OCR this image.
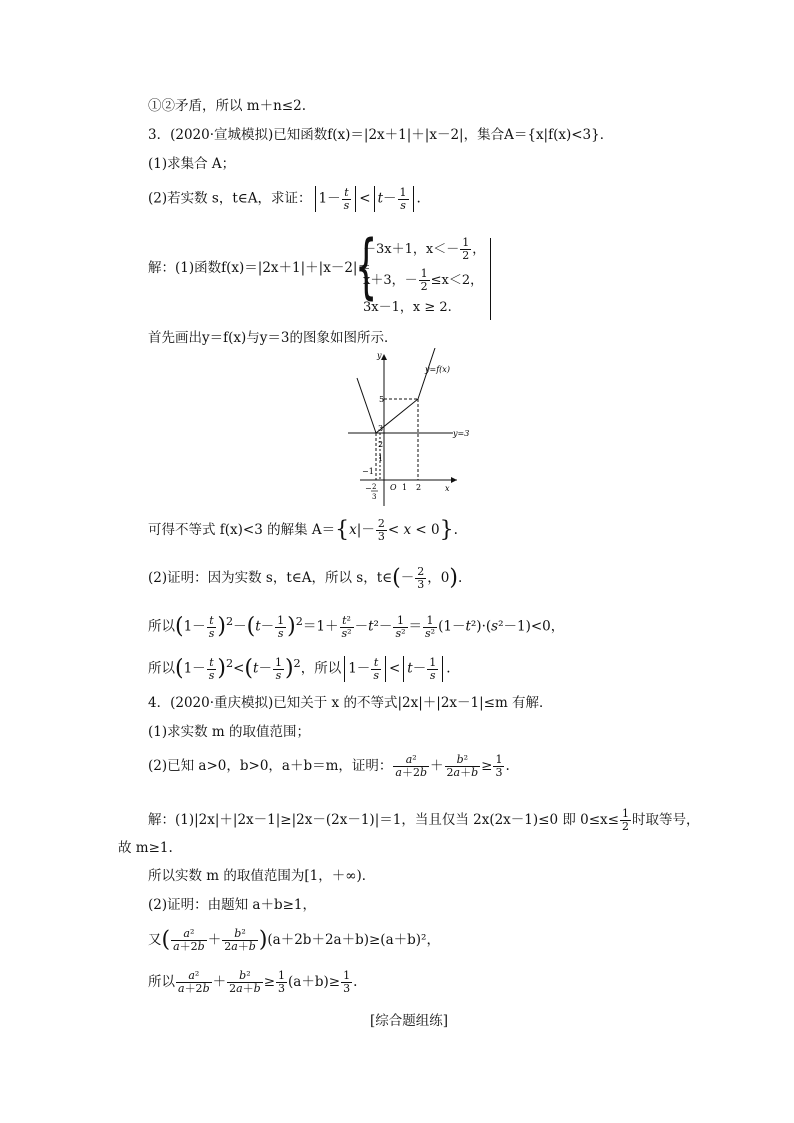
①②矛盾，所以 m＋n≤2.
3．(2020·宣城模拟)已知函数f(x)＝|2x＋1|＋|x－2|，集合A＝{x|f(x)<3}．
(1)求集合 A；
(2)若实数 s，t∈A，求证： $1- \frac{t}{s} < t- \frac{1}{s}$ .
解：(1)函数f(x)＝|2x＋1|＋|x－2|＝
{
－3x＋1，$x<- \frac{1}{2}$ ，
x＋3，－ $\frac{1}{2} \le x<2$，
3x－1，x ≥ 2.
首先画出y＝f(x)与y＝3的图象如图所示．
y=f(x)
y=3
y
x
5
3
2
1
−1
O 1 2
− 2
3
可得不等式 f(x)<3 的解集 $A=\{x|- \frac{2}{3} < x < 0\}$.
(2)证明：因为实数 s，t∈A，所以 s，t∈(－ $\frac{2}{3}$ ，0).
所以$(1- \frac{t}{s} )^2-(t- \frac{1}{s} )^2=1+ \frac{\text{t²}}{\text{s²}} -t^2- \frac{1}{\text{s²}} = \frac{1}{\text{s²}} (1-t^2)\cdot(s^2-1)<0$，
所以$(1- \frac{t}{s} )^2<(t- \frac{1}{s} )^2$，所以 $1- \frac{t}{s} < t- \frac{1}{s}$ .
4．(2020·重庆模拟)已知关于 x 的不等式|2x|＋|2x－1|≤m 有解．
(1)求实数 m 的取值范围；
(2)已知 a>0，b>0，a＋b＝m，证明： $\frac{\text{a²}}{a+2b} + \frac{\text{b²}}{2a+b} \ge \frac{1}{3}$ .
解：(1)|2x|＋|2x－1|≥|2x－(2x－1)|＝1，当且仅当 2x(2x－1)≤0 即 $0\le x\le \frac{1}{2}$ 时取等号，
故 m≥1.
所以实数 m 的取值范围为[1，＋∞)．
(2)证明：由题知 a＋b≥1，
又( $\frac{\text{a²}}{a+2b} + \frac{\text{b²}}{2a+b} )(a+2b+2a+b)\ge(a+b)^2$，
所以 $\frac{\text{a²}}{a+2b} + \frac{\text{b²}}{2a+b} \ge \frac{1}{3} (a+b)\ge \frac{1}{3}$ .
[综合题组练]
